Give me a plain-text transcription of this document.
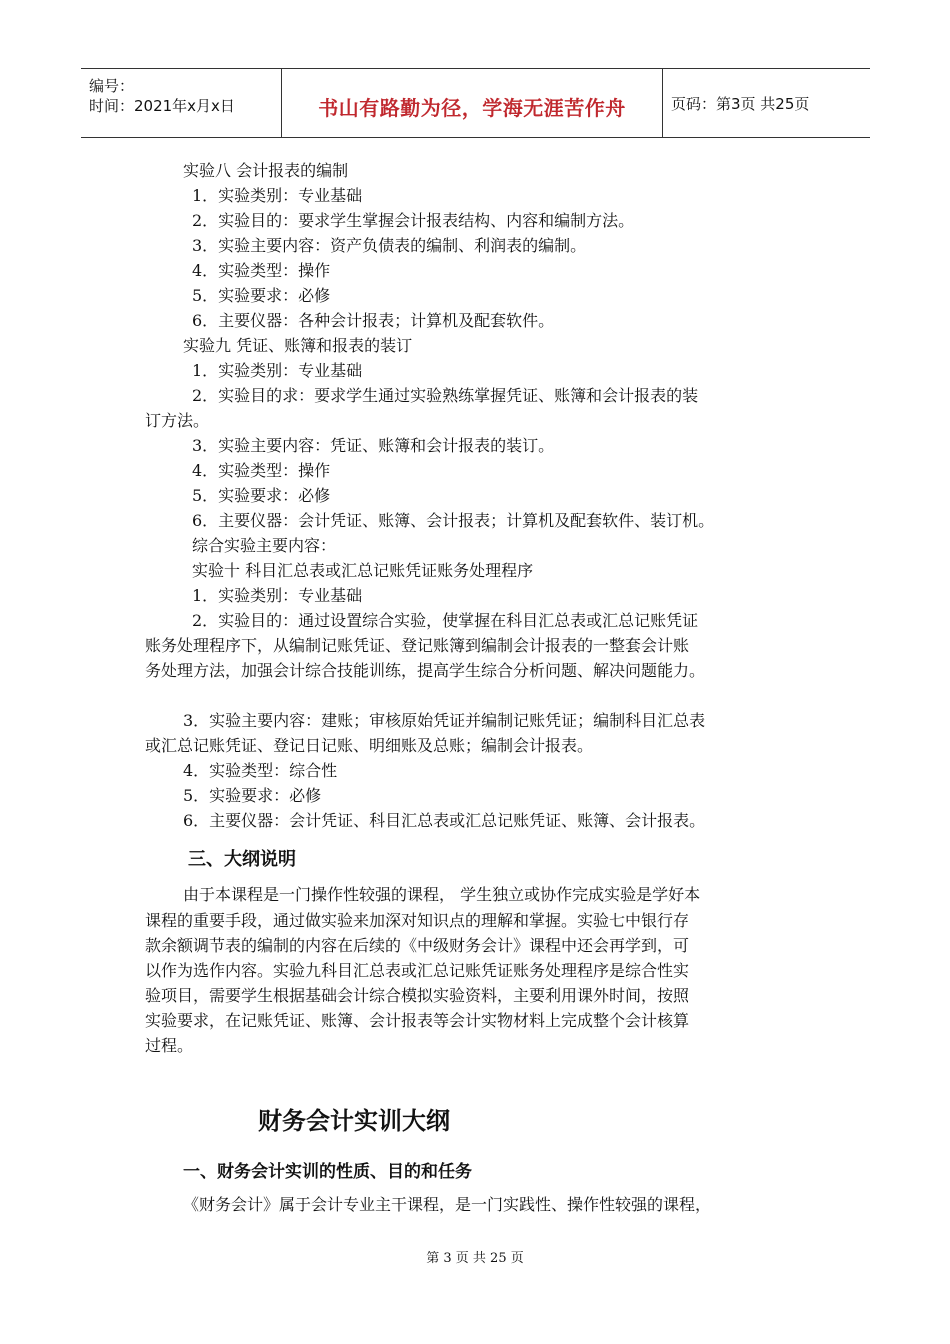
编号：
时间：2021年x月x日	书山有路勤为径，学海无涯苦作舟	页码：第3页 共25页
实验八 会计报表的编制
1．实验类别：专业基础
2．实验目的：要求学生掌握会计报表结构、内容和编制方法。
3．实验主要内容：资产负债表的编制、利润表的编制。
4．实验类型：操作
5．实验要求：必修
6．主要仪器：各种会计报表；计算机及配套软件。
实验九 凭证、账簿和报表的装订
1．实验类别：专业基础
2．实验目的求：要求学生通过实验熟练掌握凭证、账簿和会计报表的装
订方法。
3．实验主要内容：凭证、账簿和会计报表的装订。
4．实验类型：操作
5．实验要求：必修
6．主要仪器：会计凭证、账簿、会计报表；计算机及配套软件、装订机。
综合实验主要内容：
实验十 科目汇总表或汇总记账凭证账务处理程序
1．实验类别：专业基础
2．实验目的：通过设置综合实验，使掌握在科目汇总表或汇总记账凭证
账务处理程序下，从编制记账凭证、登记账簿到编制会计报表的一整套会计账
务处理方法，加强会计综合技能训练，提高学生综合分析问题、解决问题能力。
3．实验主要内容：建账；审核原始凭证并编制记账凭证；编制科目汇总表
或汇总记账凭证、登记日记账、明细账及总账；编制会计报表。
4．实验类型：综合性
5．实验要求：必修
6．主要仪器：会计凭证、科目汇总表或汇总记账凭证、账簿、会计报表。
三、大纲说明
由于本课程是一门操作性较强的课程， 学生独立或协作完成实验是学好本
课程的重要手段，通过做实验来加深对知识点的理解和掌握。实验七中银行存
款余额调节表的编制的内容在后续的《中级财务会计》课程中还会再学到，可
以作为选作内容。实验九科目汇总表或汇总记账凭证账务处理程序是综合性实
验项目，需要学生根据基础会计综合模拟实验资料，主要利用课外时间，按照
实验要求，在记账凭证、账簿、会计报表等会计实物材料上完成整个会计核算
过程。
财务会计实训大纲
一、财务会计实训的性质、目的和任务
《财务会计》属于会计专业主干课程，是一门实践性、操作性较强的课程，
第 3 页 共 25 页
